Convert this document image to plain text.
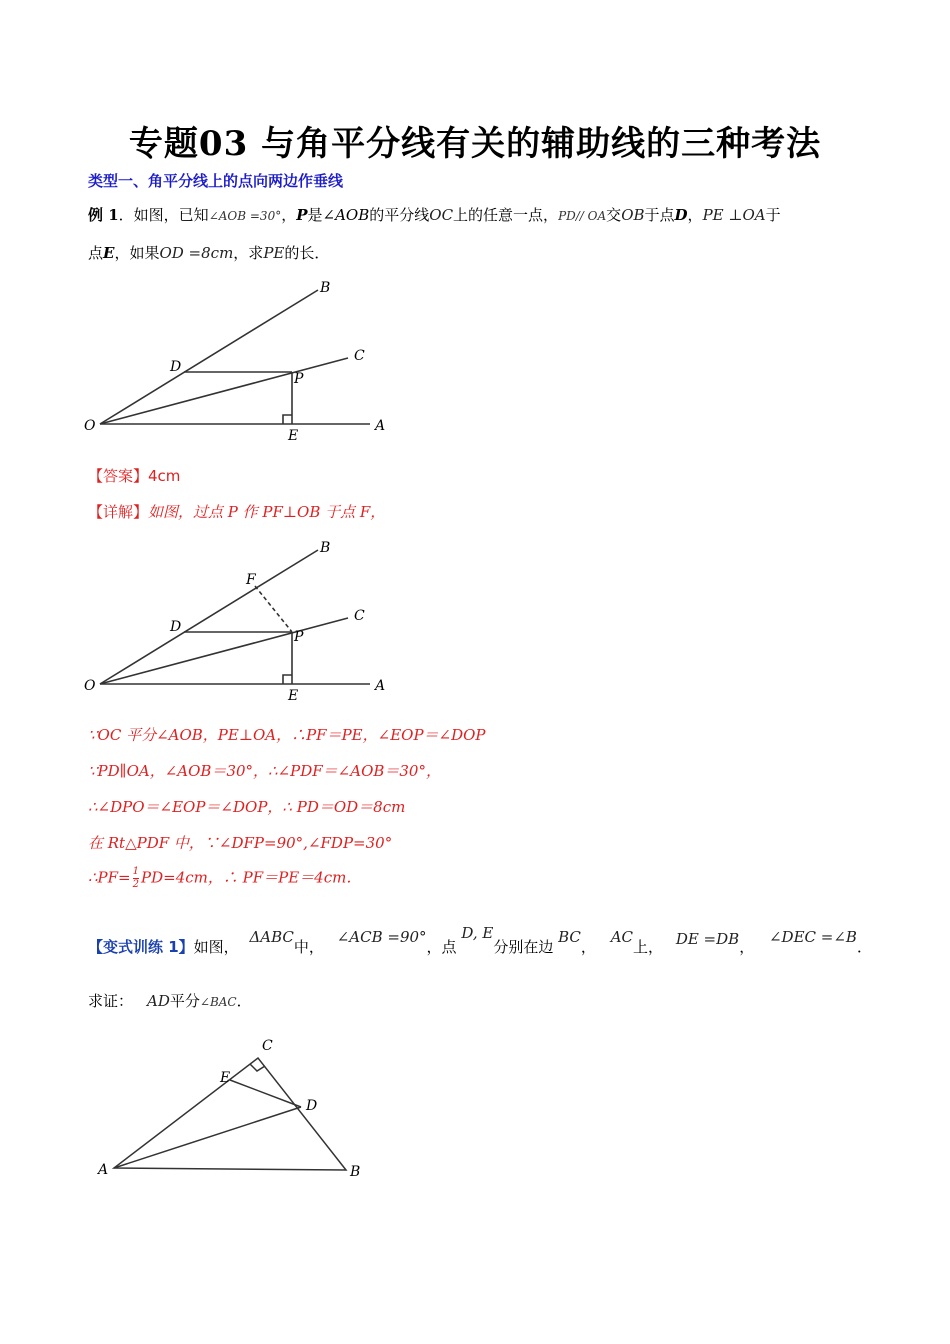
专题03 与角平分线有关的辅助线的三种考法
类型一、角平分线上的点向两边作垂线
例 1．如图，已知∠AOB =30°，P是∠AOB的平分线OC上的任意一点，PD// OA交OB于点D，PE ⊥OA于
点E，如果OD =8cm，求PE的长．
B
C
D
P
O
E
A
【答案】4cm
【详解】如图，过点 P 作 PF⊥OB 于点 F，
B
C
F
D
P
O
E
A
∵OC 平分∠AOB，PE⊥OA，∴PF＝PE，∠EOP＝∠DOP
∵PD∥OA，∠AOB＝30°，∴∠PDF＝∠AOB＝30°，
∴∠DPO＝∠EOP＝∠DOP，∴ PD＝OD＝8cm
在 Rt△PDF 中，∵∠DFP=90°,∠FDP=30°
∴PF= $\frac{1}{2} PD=4cm$，∴ PF＝PE＝4cm．
【变式训练 1】如图， ΔABC中， ∠ACB =90°，点 D, E分别在边 BC， AC上， DE =DB， ∠DEC =∠B．
求证： AD平分∠BAC．
C
E
D
A	B
